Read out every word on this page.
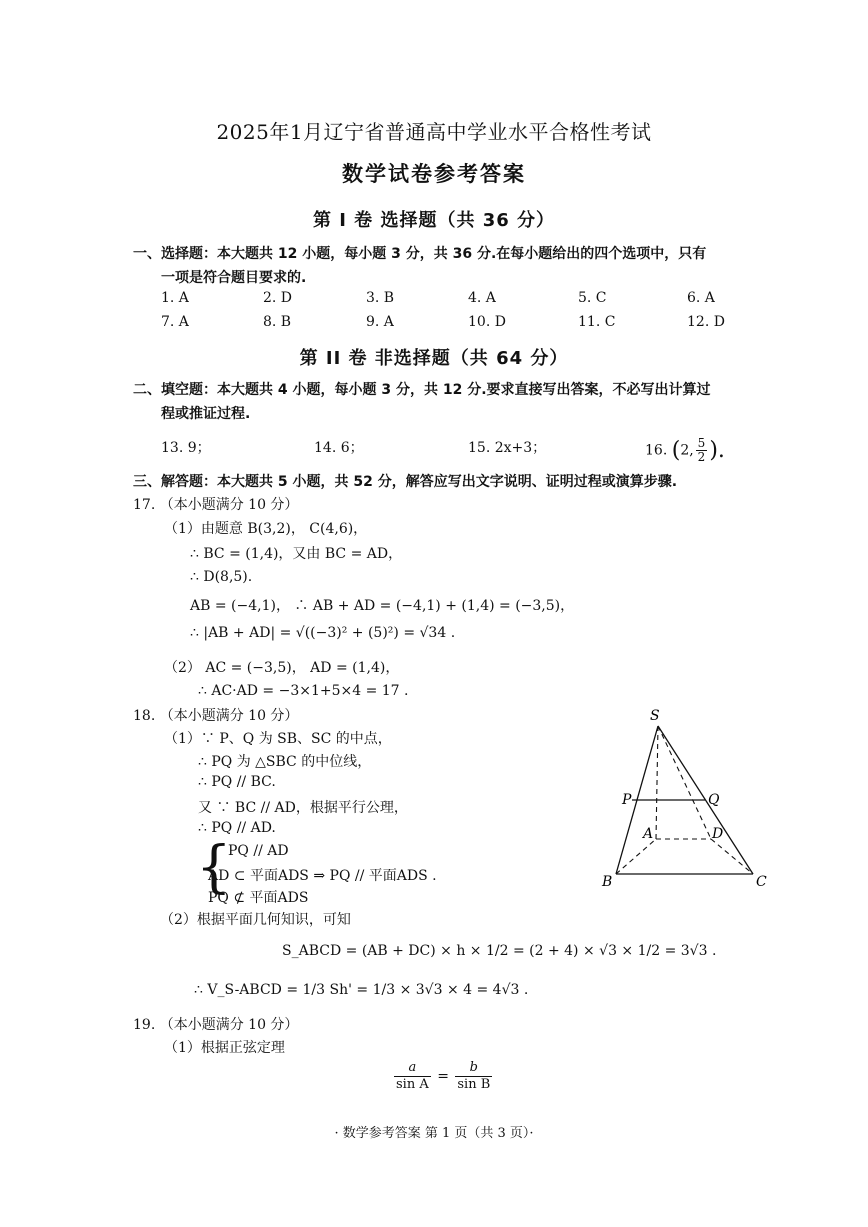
2025年1月辽宁省普通高中学业水平合格性考试
数学试卷参考答案
第 I 卷 选择题（共 36 分）
一、选择题：本大题共 12 小题，每小题 3 分，共 36 分.在每小题给出的四个选项中，只有
一项是符合题目要求的.
1. A	2. D	3. B	4. A	5. C	6. A
7. A	8. B	9. A	10. D	11. C	12. D
第 II 卷 非选择题（共 64 分）
二、填空题：本大题共 4 小题，每小题 3 分，共 12 分.要求直接写出答案，不必写出计算过
程或推证过程.
13. 9；	14. 6；	15. 2x+3；	16. (2, $\frac{5}{2}$ ).
三、解答题：本大题共 5 小题，共 52 分，解答应写出文字说明、证明过程或演算步骤.
17. （本小题满分 10 分）
（1）由题意 B(3,2)， C(4,6)，
∴ BC = (1,4)，又由 BC = AD，
∴ D(8,5).
AB = (−4,1)， ∴ AB + AD = (−4,1) + (1,4) = (−3,5)，
∴ |AB + AD| = √((−3)² + (5)²) = √34 .
（2） AC = (−3,5)， AD = (1,4)，
∴ AC·AD = −3×1+5×4 = 17 .
18. （本小题满分 10 分）
（1）∵ P、Q 为 SB、SC 的中点，
∴ PQ 为 △SBC 的中位线，
∴ PQ // BC.
又 ∵ BC // AD，根据平行公理，
∴ PQ // AD.
{
PQ // AD
AD ⊂ 平面ADS ⇒ PQ // 平面ADS .
PQ ⊄ 平面ADS
（2）根据平面几何知识，可知
S_ABCD = (AB + DC) × h × 1/2 = (2 + 4) × √3 × 1/2 = 3√3 .
∴ V_S-ABCD = 1/3 Sh' = 1/3 × 3√3 × 4 = 4√3 .
S
P	Q
A	D
B	C
19. （本小题满分 10 分）
（1）根据正弦定理
$\frac{a}{\text{sin A}} = \frac{b}{\text{sin B}}$
· 数学参考答案 第 1 页（共 3 页）·
